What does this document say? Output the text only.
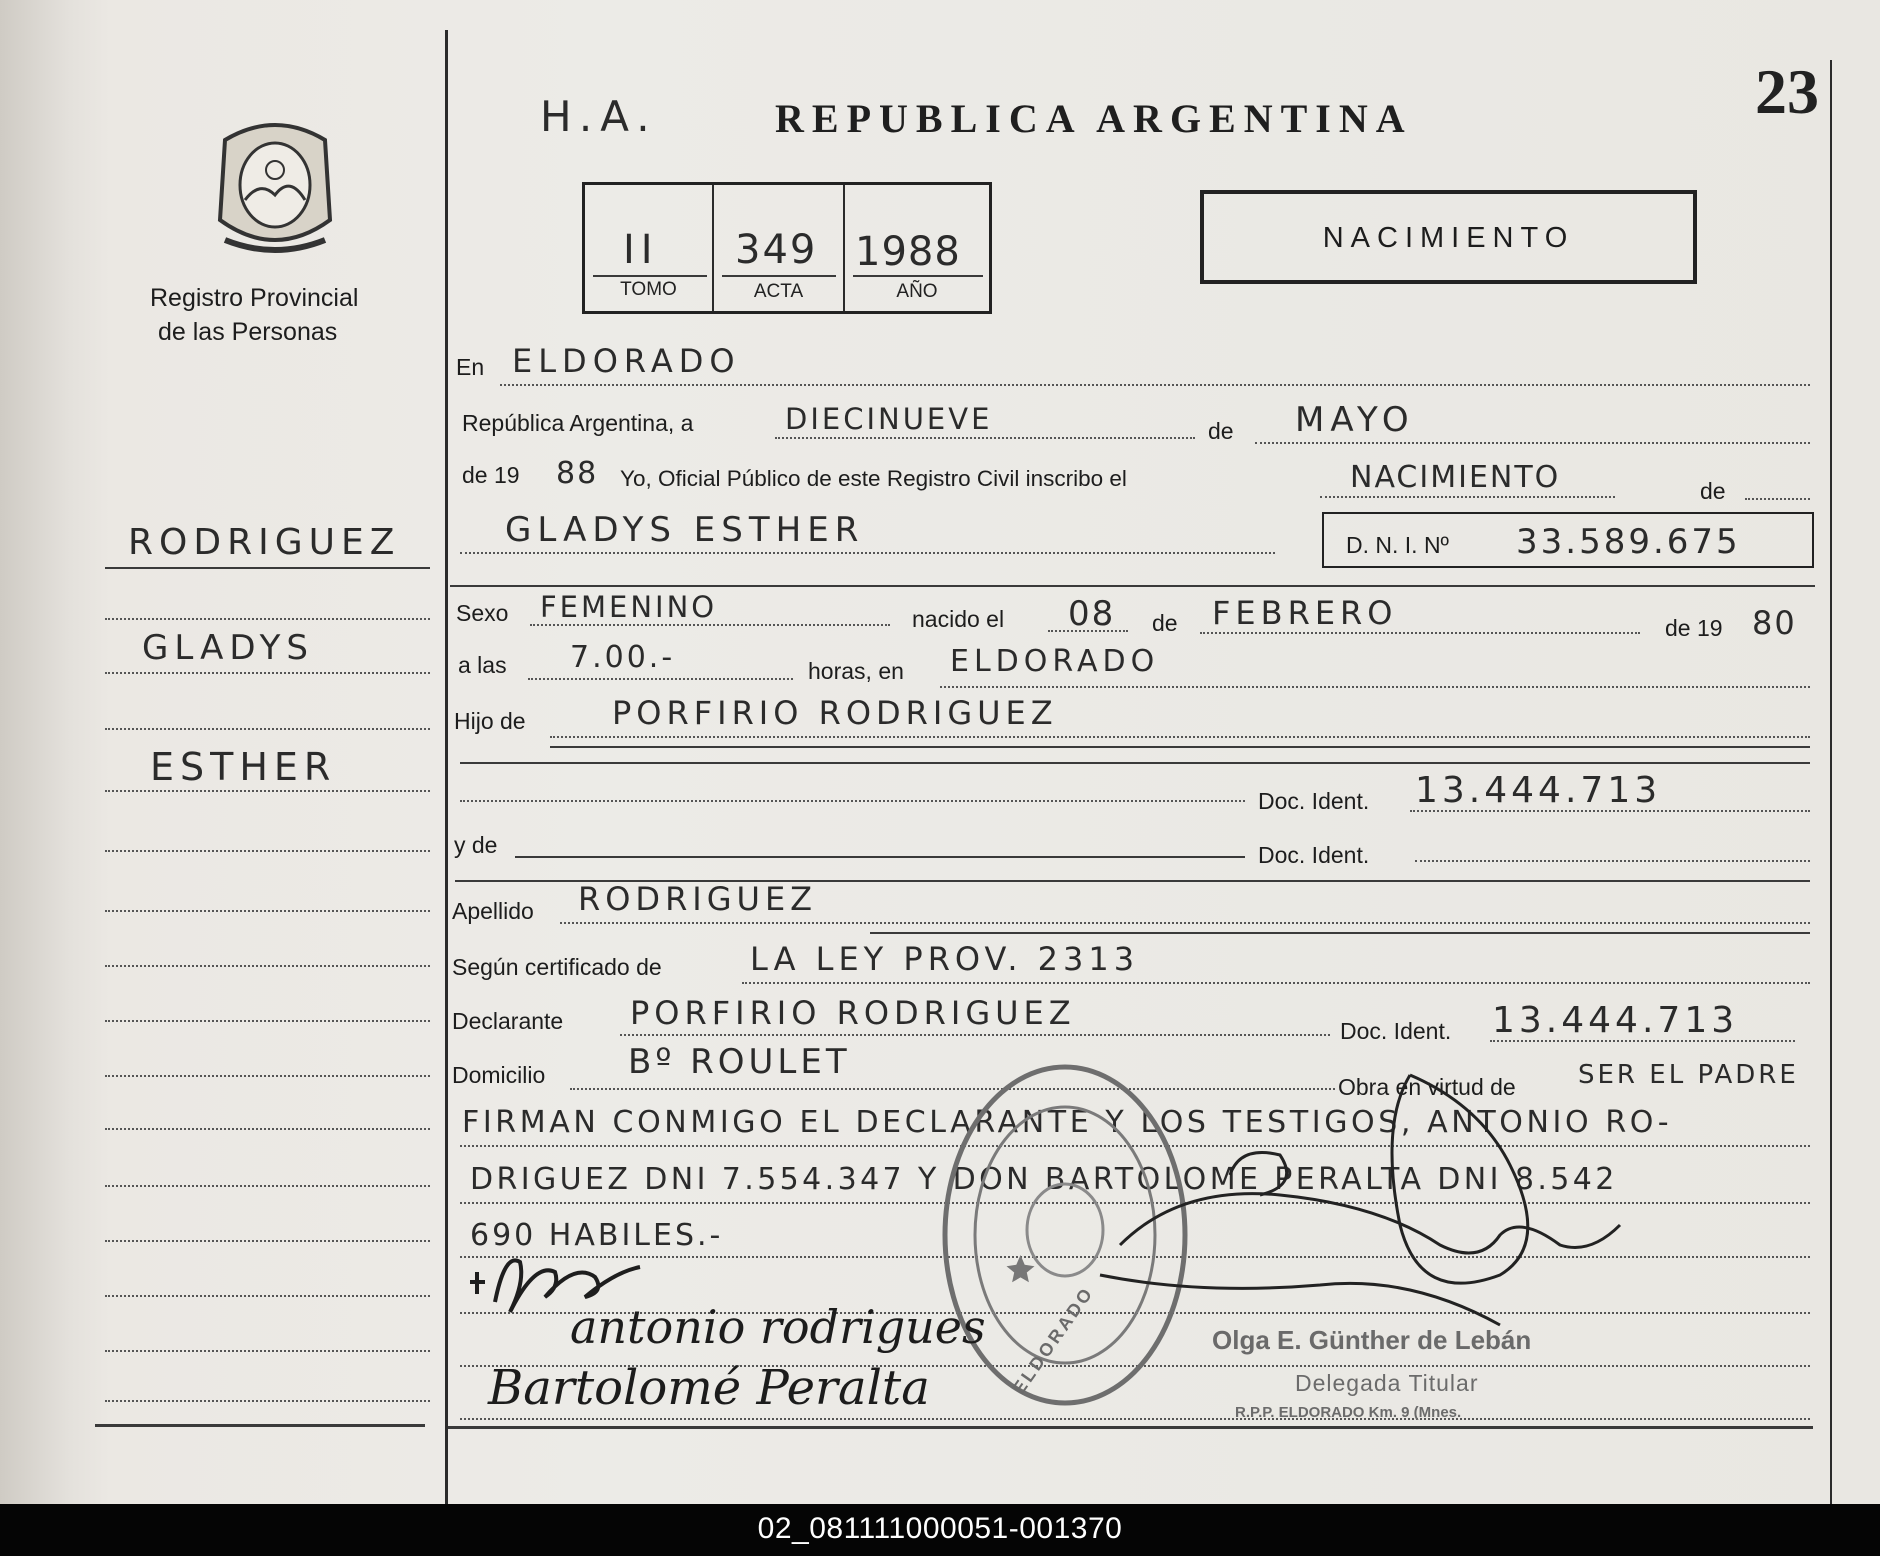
Registro Provincial
de las Personas
RODRIGUEZ
GLADYS
ESTHER
H.A.	REPUBLICA ARGENTINA	23
II 349 1988
TOMO	ACTA	AÑO
NACIMIENTO
En ELDORADO
República Argentina, a	DIECINUEVE	de MAYO
de 19 88 Yo, Oficial Público de este Registro Civil inscribo el	NACIMIENTO	de
GLADYS ESTHER	D. N. I. Nº 33.589.675
Sexo FEMENINO	nacido el 08 de FEBRERO	de 19 80
a las 7.00.-	horas, en ELDORADO
Hijo de	PORFIRIO RODRIGUEZ
Doc. Ident. 13.444.713
y de	Doc. Ident.
Apellido RODRIGUEZ
Según certificado de	LA LEY PROV. 2313
Declarante PORFIRIO RODRIGUEZ	Doc. Ident. 13.444.713
Domicilio Bº ROULET
Obra en virtud de SER EL PADRE
FIRMAN CONMIGO EL DECLARANTE Y LOS TESTIGOS, ANTONIO RO-
DRIGUEZ DNI 7.554.347 Y DON BARTOLOME PERALTA DNI 8.542
690 HABILES.-
ELDORADO	Olga E. Günther de Lebán
Delegada Titular
R.P.P. ELDORADO Km. 9 (Mnes.
antonio rodrigues
Bartolomé Peralta
02_081111000051-001370
